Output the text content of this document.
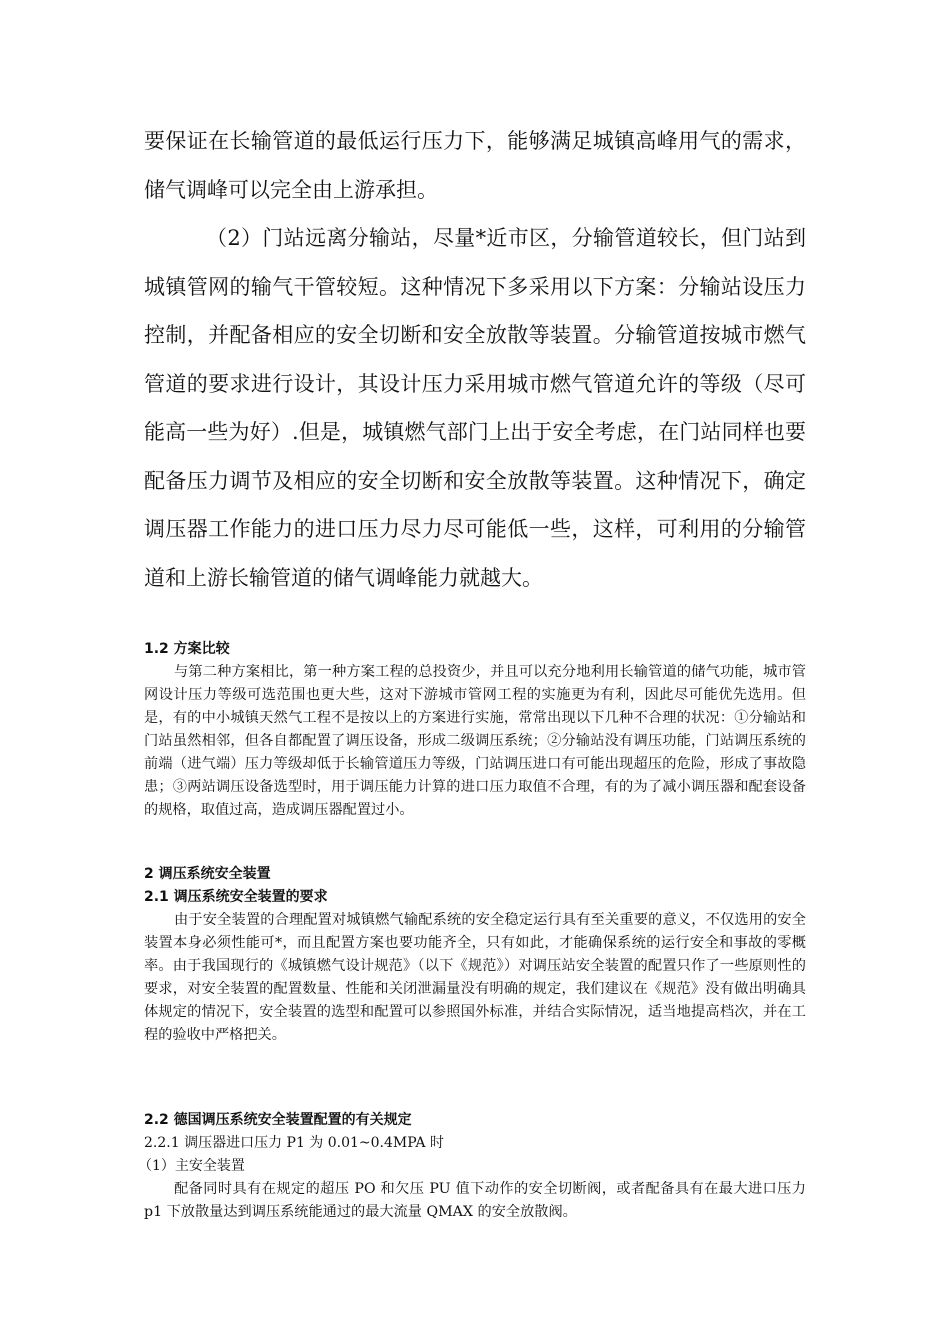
要保证在长输管道的最低运行压力下，能够满足城镇高峰用气的需求，储气调峰可以完全由上游承担。

（2）门站远离分输站，尽量*近市区，分输管道较长，但门站到城镇管网的输气干管较短。这种情况下多采用以下方案：分输站设压力控制，并配备相应的安全切断和安全放散等装置。分输管道按城市燃气管道的要求进行设计，其设计压力采用城市燃气管道允许的等级（尽可能高一些为好）.但是，城镇燃气部门上出于安全考虑，在门站同样也要配备压力调节及相应的安全切断和安全放散等装置。这种情况下，确定调压器工作能力的进口压力尽力尽可能低一些，这样，可利用的分输管道和上游长输管道的储气调峰能力就越大。

1.2 方案比较

与第二种方案相比，第一种方案工程的总投资少，并且可以充分地利用长输管道的储气功能，城市管网设计压力等级可选范围也更大些，这对下游城市管网工程的实施更为有利，因此尽可能优先选用。但是，有的中小城镇天然气工程不是按以上的方案进行实施，常常出现以下几种不合理的状况：①分输站和门站虽然相邻，但各自都配置了调压设备，形成二级调压系统；②分输站没有调压功能，门站调压系统的前端（进气端）压力等级却低于长输管道压力等级，门站调压进口有可能出现超压的危险，形成了事故隐患；③两站调压设备选型时，用于调压能力计算的进口压力取值不合理，有的为了减小调压器和配套设备的规格，取值过高，造成调压器配置过小。

2 调压系统安全装置

2.1 调压系统安全装置的要求

由于安全装置的合理配置对城镇燃气输配系统的安全稳定运行具有至关重要的意义，不仅选用的安全装置本身必须性能可*，而且配置方案也要功能齐全，只有如此，才能确保系统的运行安全和事故的零概率。由于我国现行的《城镇燃气设计规范》（以下《规范》）对调压站安全装置的配置只作了一些原则性的要求，对安全装置的配置数量、性能和关闭泄漏量没有明确的规定，我们建议在《规范》没有做出明确具体规定的情况下，安全装置的选型和配置可以参照国外标准，并结合实际情况，适当地提高档次，并在工程的验收中严格把关。

2.2 德国调压系统安全装置配置的有关规定

2.2.1 调压器进口压力 P1 为 0.01~0.4MPA 时

（1）主安全装置

配备同时具有在规定的超压 PO 和欠压 PU 值下动作的安全切断阀，或者配备具有在最大进口压力 p1 下放散量达到调压系统能通过的最大流量 QMAX 的安全放散阀。
